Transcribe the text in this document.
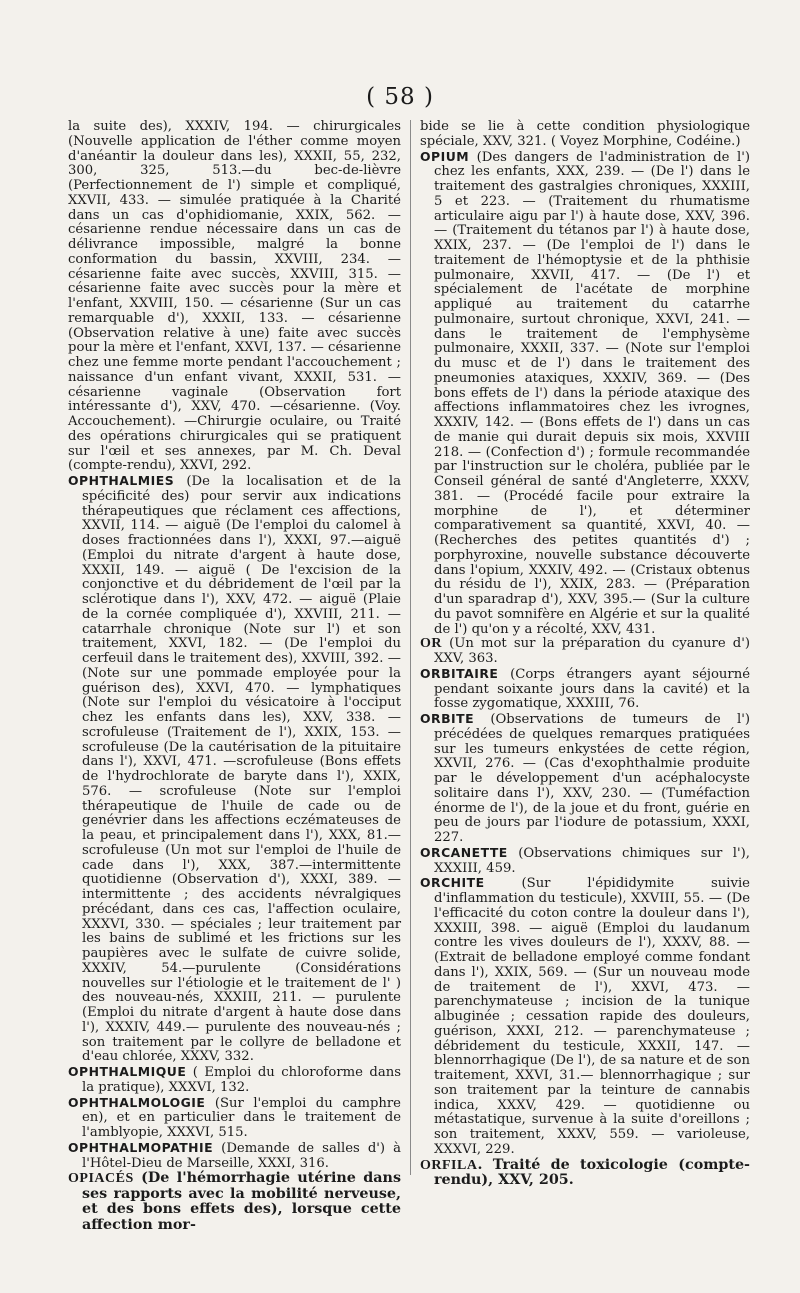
( 58 )

la suite des), XXXIV, 194. — chirurgicales (Nouvelle application de l'éther comme moyen d'anéantir la douleur dans les), XXXII, 55, 232, 300, 325, 513.—du bec-de-lièvre (Perfectionnement de l') simple et compliqué, XXVII, 433. — simulée pratiquée à la Charité dans un cas d'ophidiomanie, XXIX, 562. — césarienne rendue nécessaire dans un cas de délivrance impossible, malgré la bonne conformation du bassin, XXVIII, 234. — césarienne faite avec succès, XXVIII, 315. — césarienne faite avec succès pour la mère et l'enfant, XXVIII, 150. — césarienne (Sur un cas remarquable d'), XXXII, 133. — césarienne (Observation relative à une) faite avec succès pour la mère et l'enfant, XXVI, 137. — césarienne chez une femme morte pendant l'accouchement ; naissance d'un enfant vivant, XXXII, 531. — césarienne vaginale (Observation fort intéressante d'), XXV, 470. —césarienne. (Voy. Accouchement). —Chirurgie oculaire, ou Traité des opérations chirurgicales qui se pratiquent sur l'œil et ses annexes, par M. Ch. Deval (compte-rendu), XXVI, 292.

OPHTHALMIES (De la localisation et de la spécificité des) pour servir aux indications thérapeutiques que réclament ces affections, XXVII, 114. — aiguë (De l'emploi du calomel à doses fractionnées dans l'), XXXI, 97.—aiguë (Emploi du nitrate d'argent à haute dose, XXXII, 149. — aiguë ( De l'excision de la conjonctive et du débridement de l'œil par la sclérotique dans l'), XXV, 472. — aiguë (Plaie de la cornée compliquée d'), XXVIII, 211. — catarrhale chronique (Note sur l') et son traitement, XXVI, 182. — (De l'emploi du cerfeuil dans le traitement des), XXVIII, 392. — (Note sur une pommade employée pour la guérison des), XXVI, 470. — lymphatiques (Note sur l'emploi du vésicatoire à l'occiput chez les enfants dans les), XXV, 338. — scrofuleuse (Traitement de l'), XXIX, 153. —scrofuleuse (De la cautérisation de la pituitaire dans l'), XXVI, 471. —scrofuleuse (Bons effets de l'hydrochlorate de baryte dans l'), XXIX, 576. — scrofuleuse (Note sur l'emploi thérapeutique de l'huile de cade ou de genévrier dans les affections eczémateuses de la peau, et principalement dans l'), XXX, 81.— scrofuleuse (Un mot sur l'emploi de l'huile de cade dans l'), XXX, 387.—intermittente quotidienne (Observation d'), XXXI, 389. — intermittente ; des accidents névralgiques précédant, dans ces cas, l'affection oculaire, XXXVI, 330. — spéciales ; leur traitement par les bains de sublimé et les frictions sur les paupières avec le sulfate de cuivre solide, XXXIV, 54.—purulente (Considérations nouvelles sur l'étiologie et le traitement de l' ) des nouveau-nés, XXXIII, 211. — purulente (Emploi du nitrate d'argent à haute dose dans l'), XXXIV, 449.— purulente des nouveau-nés ; son traitement par le collyre de belladone et d'eau chlorée, XXXV, 332.

OPHTHALMIQUE ( Emploi du chloroforme dans la pratique), XXXVI, 132.

OPHTHALMOLOGIE (Sur l'emploi du camphre en), et en particulier dans le traitement de l'amblyopie, XXXVI, 515.

OPHTHALMOPATHIE (Demande de salles d') à l'Hôtel-Dieu de Marseille, XXXI, 316.

OPIACÉS (De l'hémorrhagie utérine dans ses rapports avec la mobilité nerveuse, et des bons effets des), lorsque cette affection mor-

bide se lie à cette condition physiologique spéciale, XXV, 321. ( Voyez Morphine, Codéine.)

OPIUM (Des dangers de l'administration de l') chez les enfants, XXX, 239. — (De l') dans le traitement des gastralgies chroniques, XXXIII, 5 et 223. — (Traitement du rhumatisme articulaire aigu par l') à haute dose, XXV, 396. — (Traitement du tétanos par l') à haute dose, XXIX, 237. — (De l'emploi de l') dans le traitement de l'hémoptysie et de la phthisie pulmonaire, XXVII, 417. — (De l') et spécialement de l'acétate de morphine appliqué au traitement du catarrhe pulmonaire, surtout chronique, XXVI, 241. — dans le traitement de l'emphysème pulmonaire, XXXII, 337. — (Note sur l'emploi du musc et de l') dans le traitement des pneumonies ataxiques, XXXIV, 369. — (Des bons effets de l') dans la période ataxique des affections inflammatoires chez les ivrognes, XXXIV, 142. — (Bons effets de l') dans un cas de manie qui durait depuis six mois, XXVIII 218. — (Confection d') ; formule recommandée par l'instruction sur le choléra, publiée par le Conseil général de santé d'Angleterre, XXXV, 381. — (Procédé facile pour extraire la morphine de l'), et déterminer comparativement sa quantité, XXVI, 40. — (Recherches des petites quantités d') ; porphyroxine, nouvelle substance découverte dans l'opium, XXXIV, 492. — (Cristaux obtenus du résidu de l'), XXIX, 283. — (Préparation d'un sparadrap d'), XXV, 395.— (Sur la culture du pavot somnifère en Algérie et sur la qualité de l') qu'on y a récolté, XXV, 431.

OR (Un mot sur la préparation du cyanure d') XXV, 363.

ORBITAIRE (Corps étrangers ayant séjourné pendant soixante jours dans la cavité) et la fosse zygomatique, XXXIII, 76.

ORBITE (Observations de tumeurs de l') précédées de quelques remarques pratiquées sur les tumeurs enkystées de cette région, XXVII, 276. — (Cas d'exophthalmie produite par le développement d'un acéphalocyste solitaire dans l'), XXV, 230. — (Tuméfaction énorme de l'), de la joue et du front, guérie en peu de jours par l'iodure de potassium, XXXI, 227.

ORCANETTE (Observations chimiques sur l'), XXXIII, 459.

ORCHITE (Sur l'épididymite suivie d'inflammation du testicule), XXVIII, 55. — (De l'efficacité du coton contre la douleur dans l'), XXXIII, 398. — aiguë (Emploi du laudanum contre les vives douleurs de l'), XXXV, 88. — (Extrait de belladone employé comme fondant dans l'), XXIX, 569. — (Sur un nouveau mode de traitement de l'), XXVI, 473. — parenchymateuse ; incision de la tunique albuginée ; cessation rapide des douleurs, guérison, XXXI, 212. — parenchymateuse ; débridement du testicule, XXXII, 147. — blennorrhagique (De l'), de sa nature et de son traitement, XXVI, 31.— blennorrhagique ; sur son traitement par la teinture de cannabis indica, XXXV, 429. — quotidienne ou métastatique, survenue à la suite d'oreillons ; son traitement, XXXV, 559. — varioleuse, XXXVI, 229.

ORFILA. Traité de toxicologie (compte-rendu), XXV, 205.
